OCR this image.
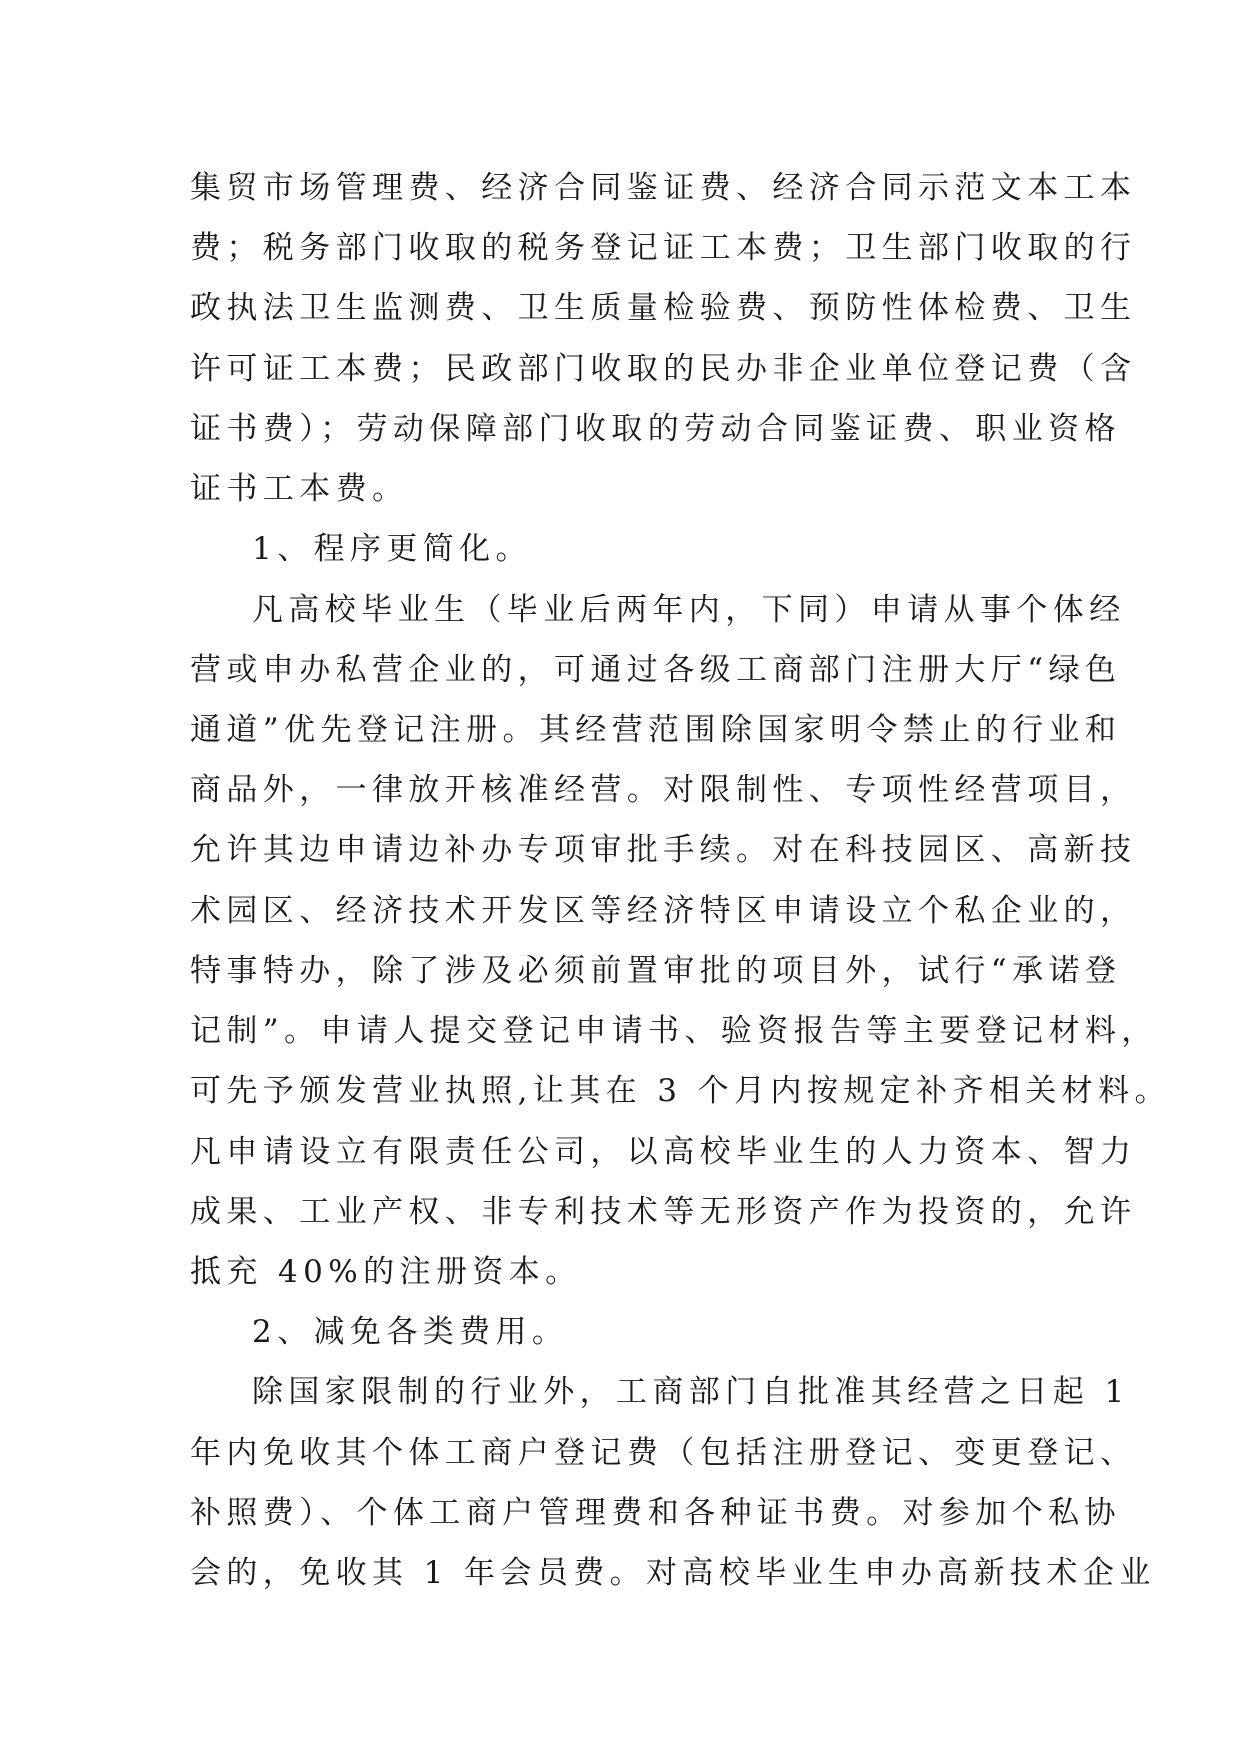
集贸市场管理费、经济合同鉴证费、经济合同示范文本工本
费；税务部门收取的税务登记证工本费；卫生部门收取的行
政执法卫生监测费、卫生质量检验费、预防性体检费、卫生
许可证工本费；民政部门收取的民办非企业单位登记费（含
证书费）；劳动保障部门收取的劳动合同鉴证费、职业资格
证书工本费。
1、程序更简化。
凡高校毕业生（毕业后两年内，下同）申请从事个体经
营或申办私营企业的，可通过各级工商部门注册大厅“绿色
通道”优先登记注册。其经营范围除国家明令禁止的行业和
商品外，一律放开核准经营。对限制性、专项性经营项目，
允许其边申请边补办专项审批手续。对在科技园区、高新技
术园区、经济技术开发区等经济特区申请设立个私企业的，
特事特办，除了涉及必须前置审批的项目外，试行“承诺登
记制”。申请人提交登记申请书、验资报告等主要登记材料，
可先予颁发营业执照,让其在 3 个月内按规定补齐相关材料。
凡申请设立有限责任公司，以高校毕业生的人力资本、智力
成果、工业产权、非专利技术等无形资产作为投资的，允许
抵充 40%的注册资本。
2、减免各类费用。
除国家限制的行业外，工商部门自批准其经营之日起 1
年内免收其个体工商户登记费（包括注册登记、变更登记、
补照费）、个体工商户管理费和各种证书费。对参加个私协
会的，免收其 1 年会员费。对高校毕业生申办高新技术企业
